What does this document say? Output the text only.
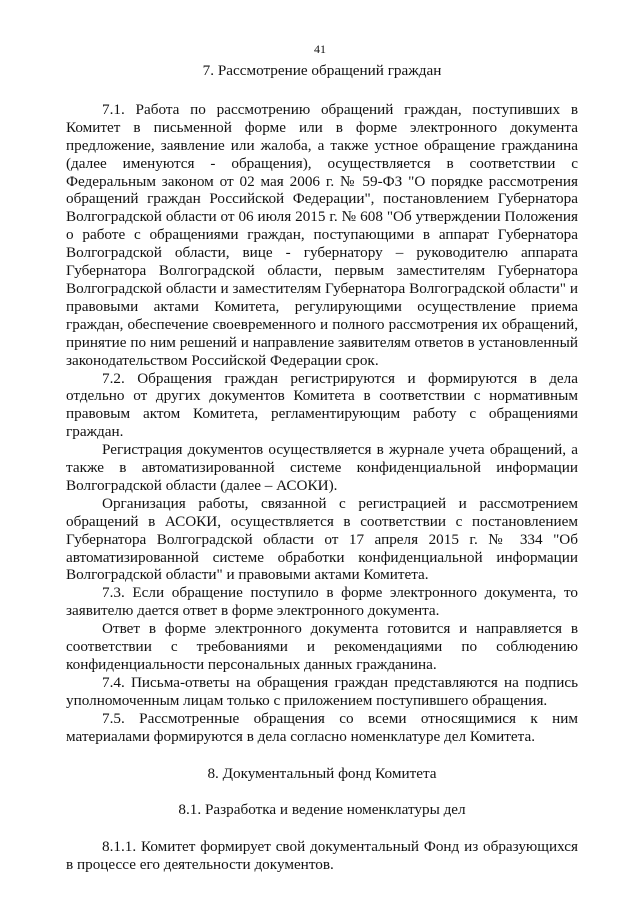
41

7. Рассмотрение обращений граждан

7.1. Работа по рассмотрению обращений граждан, поступивших в Комитет в письменной форме или в форме электронного документа предложение, заявление или жалоба, а также устное обращение гражданина (далее именуются - обращения), осуществляется в соответствии с Федеральным законом от 02 мая 2006 г. № 59-ФЗ "О порядке рассмотрения обращений граждан Российской Федерации", постановлением Губернатора Волгоградской области от 06 июля 2015 г. № 608 "Об утверждении Положения о работе с обращениями граждан, поступающими в аппарат Губернатора Волгоградской области, вице - губернатору – руководителю аппарата Губернатора Волгоградской области, первым заместителям Губернатора Волгоградской области и заместителям Губернатора Волгоградской области" и правовыми актами Комитета, регулирующими осуществление приема граждан, обеспечение своевременного и полного рассмотрения их обращений, принятие по ним решений и направление заявителям ответов в установленный законодательством Российской Федерации срок.

7.2. Обращения граждан регистрируются и формируются в дела отдельно от других документов Комитета в соответствии с нормативным правовым актом Комитета, регламентирующим работу с обращениями граждан.

Регистрация документов осуществляется в журнале учета обращений, а также в автоматизированной системе конфиденциальной информации Волгоградской области (далее – АСОКИ).

Организация работы, связанной с регистрацией и рассмотрением обращений в АСОКИ, осуществляется в соответствии с постановлением Губернатора Волгоградской области от 17 апреля 2015 г. № 334 "Об автоматизированной системе обработки конфиденциальной информации Волгоградской области" и правовыми актами Комитета.

7.3. Если обращение поступило в форме электронного документа, то заявителю дается ответ в форме электронного документа.

Ответ в форме электронного документа готовится и направляется в соответствии с требованиями и рекомендациями по соблюдению конфиденциальности персональных данных гражданина.

7.4. Письма-ответы на обращения граждан представляются на подпись уполномоченным лицам только с приложением поступившего обращения.

7.5. Рассмотренные обращения со всеми относящимися к ним материалами формируются в дела согласно номенклатуре дел Комитета.

8. Документальный фонд Комитета

8.1. Разработка и ведение номенклатуры дел

8.1.1. Комитет формирует свой документальный Фонд из образующихся в процессе его деятельности документов.
